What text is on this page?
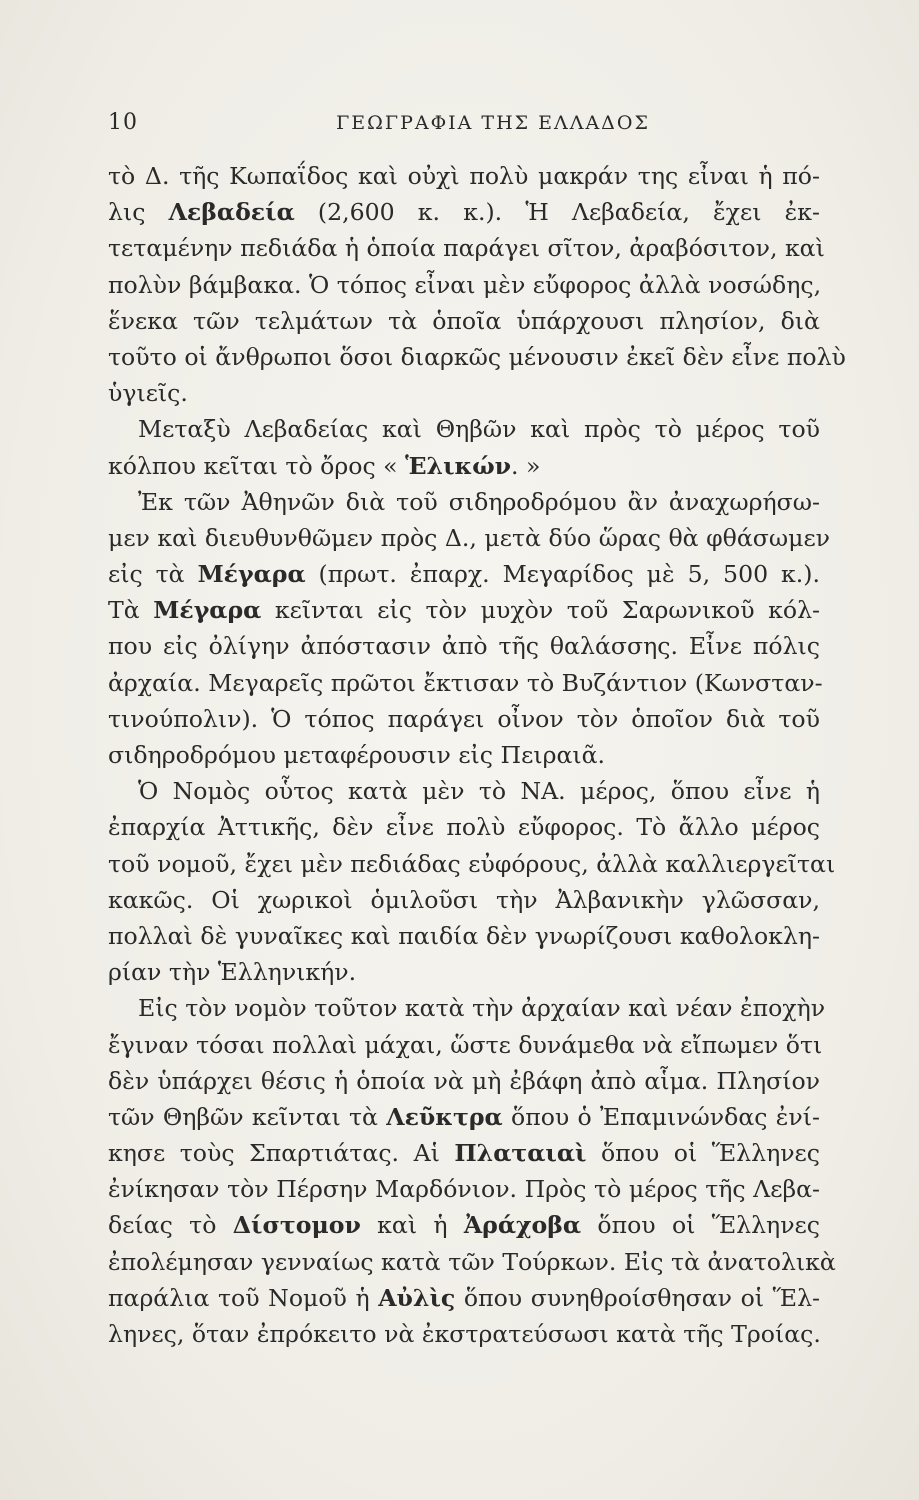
10	ΓΕΩΓΡΑΦΙΑ ΤΗΣ ΕΛΛΑΔΟΣ
τὸ Δ. τῆς Κωπαΐδος καὶ οὐχὶ πολὺ μακράν της εἶναι ἡ πό-
λις Λεβαδεία (2,600 κ. κ.). Ἡ Λεβαδεία, ἔχει ἐκ-
τεταμένην πεδιάδα ἡ ὁποία παράγει σῖτον, ἀραβόσιτον, καὶ
πολὺν βάμβακα. Ὁ τόπος εἶναι μὲν εὔφορος ἀλλὰ νοσώδης,
ἕνεκα τῶν τελμάτων τὰ ὁποῖα ὑπάρχουσι πλησίον, διὰ
τοῦτο οἱ ἄνθρωποι ὅσοι διαρκῶς μένουσιν ἐκεῖ δὲν εἶνε πολὺ
ὑγιεῖς.
Μεταξὺ Λεβαδείας καὶ Θηβῶν καὶ πρὸς τὸ μέρος τοῦ
κόλπου κεῖται τὸ ὄρος « Ἑλικών. »
Ἐκ τῶν Ἀθηνῶν διὰ τοῦ σιδηροδρόμου ἂν ἀναχωρήσω-
μεν καὶ διευθυνθῶμεν πρὸς Δ., μετὰ δύο ὥρας θὰ φθάσωμεν
εἰς τὰ Μέγαρα (πρωτ. ἐπαρχ. Μεγαρίδος μὲ 5, 500 κ.).
Τὰ Μέγαρα κεῖνται εἰς τὸν μυχὸν τοῦ Σαρωνικοῦ κόλ-
που εἰς ὀλίγην ἀπόστασιν ἀπὸ τῆς θαλάσσης. Εἶνε πόλις
ἀρχαία. Μεγαρεῖς πρῶτοι ἔκτισαν τὸ Βυζάντιον (Κωνσταν-
τινούπολιν). Ὁ τόπος παράγει οἶνον τὸν ὁποῖον διὰ τοῦ
σιδηροδρόμου μεταφέρουσιν εἰς Πειραιᾶ.
Ὁ Νομὸς οὗτος κατὰ μὲν τὸ ΝΑ. μέρος, ὅπου εἶνε ἡ
ἐπαρχία Ἀττικῆς, δὲν εἶνε πολὺ εὔφορος. Τὸ ἄλλο μέρος
τοῦ νομοῦ, ἔχει μὲν πεδιάδας εὐφόρους, ἀλλὰ καλλιεργεῖται
κακῶς. Οἱ χωρικοὶ ὁμιλοῦσι τὴν Ἀλβανικὴν γλῶσσαν,
πολλαὶ δὲ γυναῖκες καὶ παιδία δὲν γνωρίζουσι καθολοκλη-
ρίαν τὴν Ἑλληνικήν.
Εἰς τὸν νομὸν τοῦτον κατὰ τὴν ἀρχαίαν καὶ νέαν ἐποχὴν
ἔγιναν τόσαι πολλαὶ μάχαι, ὥστε δυνάμεθα νὰ εἴπωμεν ὅτι
δὲν ὑπάρχει θέσις ἡ ὁποία νὰ μὴ ἐβάφη ἀπὸ αἷμα. Πλησίον
τῶν Θηβῶν κεῖνται τὰ Λεῦκτρα ὅπου ὁ Ἐπαμινώνδας ἐνί-
κησε τοὺς Σπαρτιάτας. Αἱ Πλαταιαὶ ὅπου οἱ Ἕλληνες
ἐνίκησαν τὸν Πέρσην Μαρδόνιον. Πρὸς τὸ μέρος τῆς Λεβα-
δείας τὸ Δίστομον καὶ ἡ Ἀράχοβα ὅπου οἱ Ἕλληνες
ἐπολέμησαν γενναίως κατὰ τῶν Τούρκων. Εἰς τὰ ἀνατολικὰ
παράλια τοῦ Νομοῦ ἡ Αὐλὶς ὅπου συνηθροίσθησαν οἱ Ἕλ-
ληνες, ὅταν ἐπρόκειτο νὰ ἐκστρατεύσωσι κατὰ τῆς Τροίας.
